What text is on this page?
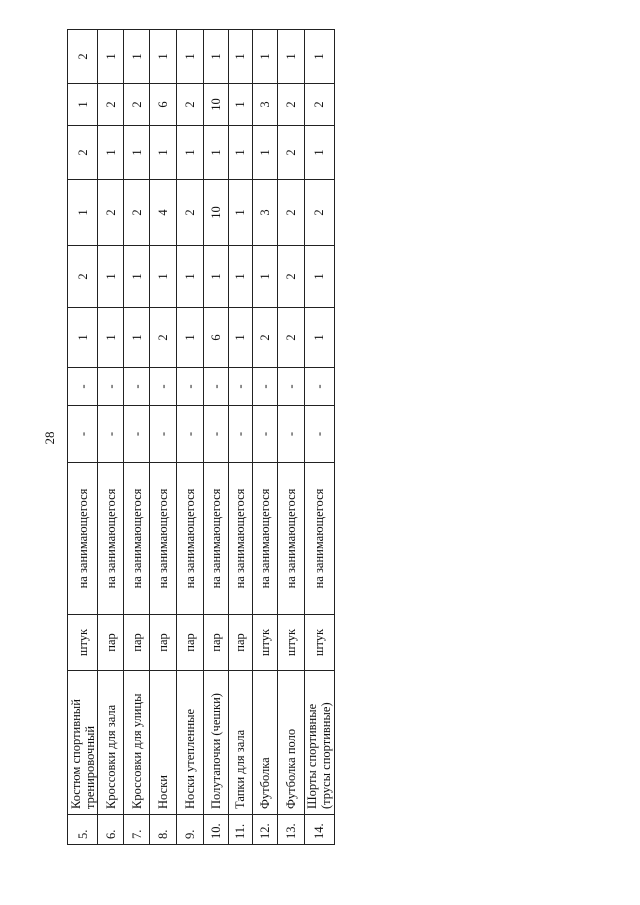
28
5.	Костюм спортивный тренировочный	штук	на занимающегося	-	-	1	2	1	2	1	2
6.	Кроссовки для зала	пар	на занимающегося	-	-	1	1	2	1	2	1
7.	Кроссовки для улицы	пар	на занимающегося	-	-	1	1	2	1	2	1
8.	Носки	пар	на занимающегося	-	-	2	1	4	1	6	1
9.	Носки утепленные	пар	на занимающегося	-	-	1	1	2	1	2	1
10.	Полутапочки (чешки)	пар	на занимающегося	-	-	6	1	10	1	10	1
11.	Тапки для зала	пар	на занимающегося	-	-	1	1	1	1	1	1
12.	Футболка	штук	на занимающегося	-	-	2	1	3	1	3	1
13.	Футболка поло	штук	на занимающегося	-	-	2	2	2	2	2	1
14.	Шорты спортивные (трусы спортивные)	штук	на занимающегося	-	-	1	1	2	1	2	1
